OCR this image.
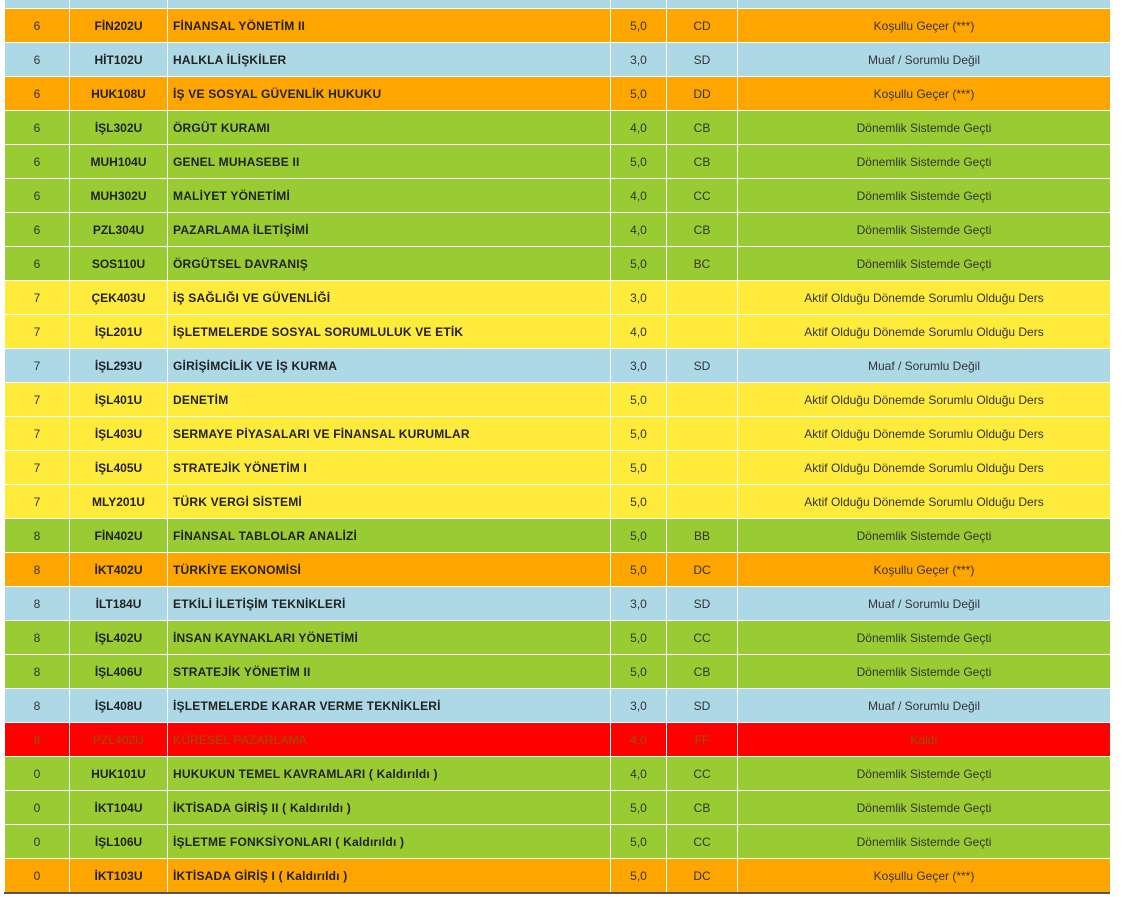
6	FİN202U	FİNANSAL YÖNETİM II	5,0	CD	Koşullu Geçer (***)
6	HİT102U	HALKLA İLİŞKİLER	3,0	SD	Muaf / Sorumlu Değil
6	HUK108U	İŞ VE SOSYAL GÜVENLİK HUKUKU	5,0	DD	Koşullu Geçer (***)
6	İŞL302U	ÖRGÜT KURAMI	4,0	CB	Dönemlik Sistemde Geçti
6	MUH104U	GENEL MUHASEBE II	5,0	CB	Dönemlik Sistemde Geçti
6	MUH302U	MALİYET YÖNETİMİ	4,0	CC	Dönemlik Sistemde Geçti
6	PZL304U	PAZARLAMA İLETİŞİMİ	4,0	CB	Dönemlik Sistemde Geçti
6	SOS110U	ÖRGÜTSEL DAVRANIŞ	5,0	BC	Dönemlik Sistemde Geçti
7	ÇEK403U	İŞ SAĞLIĞI VE GÜVENLİĞİ	3,0		Aktif Olduğu Dönemde Sorumlu Olduğu Ders
7	İŞL201U	İŞLETMELERDE SOSYAL SORUMLULUK VE ETİK	4,0		Aktif Olduğu Dönemde Sorumlu Olduğu Ders
7	İŞL293U	GİRİŞİMCİLİK VE İŞ KURMA	3,0	SD	Muaf / Sorumlu Değil
7	İŞL401U	DENETİM	5,0		Aktif Olduğu Dönemde Sorumlu Olduğu Ders
7	İŞL403U	SERMAYE PİYASALARI VE FİNANSAL KURUMLAR	5,0		Aktif Olduğu Dönemde Sorumlu Olduğu Ders
7	İŞL405U	STRATEJİK YÖNETİM I	5,0		Aktif Olduğu Dönemde Sorumlu Olduğu Ders
7	MLY201U	TÜRK VERGİ SİSTEMİ	5,0		Aktif Olduğu Dönemde Sorumlu Olduğu Ders
8	FİN402U	FİNANSAL TABLOLAR ANALİZİ	5,0	BB	Dönemlik Sistemde Geçti
8	İKT402U	TÜRKİYE EKONOMİSİ	5,0	DC	Koşullu Geçer (***)
8	İLT184U	ETKİLİ İLETİŞİM TEKNİKLERİ	3,0	SD	Muaf / Sorumlu Değil
8	İŞL402U	İNSAN KAYNAKLARI YÖNETİMİ	5,0	CC	Dönemlik Sistemde Geçti
8	İŞL406U	STRATEJİK YÖNETİM II	5,0	CB	Dönemlik Sistemde Geçti
8	İŞL408U	İŞLETMELERDE KARAR VERME TEKNİKLERİ	3,0	SD	Muaf / Sorumlu Değil
8	PZL402U	KÜRESEL PAZARLAMA	4,0	FF	Kaldı
0	HUK101U	HUKUKUN TEMEL KAVRAMLARI ( Kaldırıldı )	4,0	CC	Dönemlik Sistemde Geçti
0	İKT104U	İKTİSADA GİRİŞ II ( Kaldırıldı )	5,0	CB	Dönemlik Sistemde Geçti
0	İŞL106U	İŞLETME FONKSİYONLARI ( Kaldırıldı )	5,0	CC	Dönemlik Sistemde Geçti
0	İKT103U	İKTİSADA GİRİŞ I ( Kaldırıldı )	5,0	DC	Koşullu Geçer (***)
